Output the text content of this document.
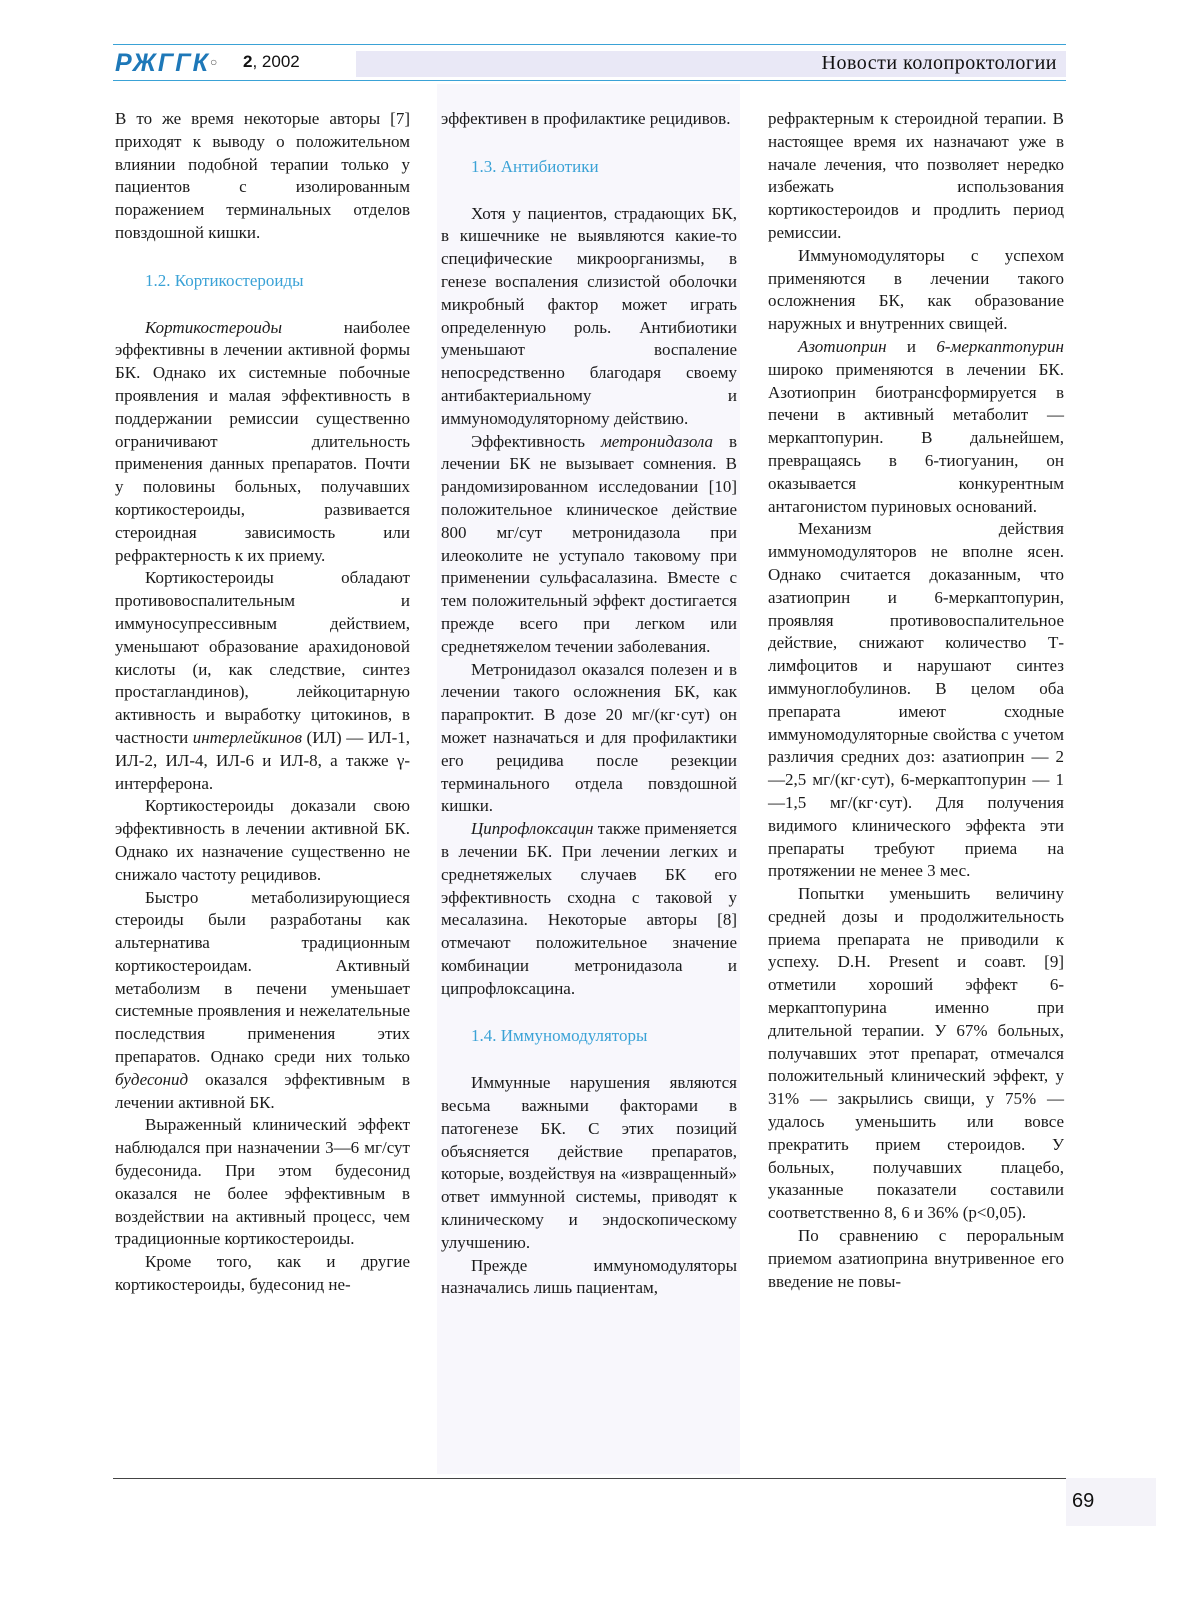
РЖГГК ○ 2, 2002	Новости колопроктологии

В то же время некоторые авторы [7] приходят к выводу о положительном влиянии подобной терапии только у пациентов с изолированным поражением терминальных отделов повздошной кишки.

1.2. Кортикостероиды

Кортикостероиды наиболее эффективны в лечении активной формы БК. Однако их системные побочные проявления и малая эффективность в поддержании ремиссии существенно ограничивают длительность применения данных препаратов. Почти у половины больных, получавших кортикостероиды, развивается стероидная зависимость или рефрактерность к их приему.

Кортикостероиды обладают противовоспалительным и иммуносупрессивным действием, уменьшают образование арахидоновой кислоты (и, как следствие, синтез простагландинов), лейкоцитарную активность и выработку цитокинов, в частности интерлейкинов (ИЛ) — ИЛ-1, ИЛ-2, ИЛ-4, ИЛ-6 и ИЛ-8, а также γ-интерферона.

Кортикостероиды доказали свою эффективность в лечении активной БК. Однако их назначение существенно не снижало частоту рецидивов.

Быстро метаболизирующиеся стероиды были разработаны как альтернатива традиционным кортикостероидам. Активный метаболизм в печени уменьшает системные проявления и нежелательные последствия применения этих препаратов. Однако среди них только будесонид оказался эффективным в лечении активной БК.

Выраженный клинический эффект наблюдался при назначении 3—6 мг/сут будесонида. При этом будесонид оказался не более эффективным в воздействии на активный процесс, чем традиционные кортикостероиды.

Кроме того, как и другие кортикостероиды, будесонид не-

эффективен в профилактике рецидивов.

1.3. Антибиотики

Хотя у пациентов, страдающих БК, в кишечнике не выявляются какие-то специфические микроорганизмы, в генезе воспаления слизистой оболочки микробный фактор может играть определенную роль. Антибиотики уменьшают воспаление непосредственно благодаря своему антибактериальному и иммуномодуляторному действию.

Эффективность метронидазола в лечении БК не вызывает сомнения. В рандомизированном исследовании [10] положительное клиническое действие 800 мг/сут метронидазола при илеоколите не уступало таковому при применении сульфасалазина. Вместе с тем положительный эффект достигается прежде всего при легком или среднетяжелом течении заболевания.

Метронидазол оказался полезен и в лечении такого осложнения БК, как парапроктит. В дозе 20 мг/(кг·сут) он может назначаться и для профилактики его рецидива после резекции терминального отдела повздошной кишки.

Ципрофлоксацин также применяется в лечении БК. При лечении легких и среднетяжелых случаев БК его эффективность сходна с таковой у месалазина. Некоторые авторы [8] отмечают положительное значение комбинации метронидазола и ципрофлоксацина.

1.4. Иммуномодуляторы

Иммунные нарушения являются весьма важными факторами в патогенезе БК. С этих позиций объясняется действие препаратов, которые, воздействуя на «извращенный» ответ иммунной системы, приводят к клиническому и эндоскопическому улучшению.

Прежде иммуномодуляторы назначались лишь пациентам,

рефрактерным к стероидной терапии. В настоящее время их назначают уже в начале лечения, что позволяет нередко избежать использования кортикостероидов и продлить период ремиссии.

Иммуномодуляторы с успехом применяются в лечении такого осложнения БК, как образование наружных и внутренних свищей.

Азотиоприн и 6-меркаптопурин широко применяются в лечении БК. Азотиоприн биотрансформируется в печени в активный метаболит — меркаптопурин. В дальнейшем, превращаясь в 6-тиогуанин, он оказывается конкурентным антагонистом пуриновых оснований.

Механизм действия иммуномодуляторов не вполне ясен. Однако считается доказанным, что азатиоприн и 6-меркаптопурин, проявляя противовоспалительное действие, снижают количество Т-лимфоцитов и нарушают синтез иммуноглобулинов. В целом оба препарата имеют сходные иммуномодуляторные свойства с учетом различия средних доз: азатиоприн — 2—2,5 мг/(кг·сут), 6-меркаптопурин — 1—1,5 мг/(кг·сут). Для получения видимого клинического эффекта эти препараты требуют приема на протяжении не менее 3 мес.

Попытки уменьшить величину средней дозы и продолжительность приема препарата не приводили к успеху. D.H. Present и соавт. [9] отметили хороший эффект 6-меркаптопурина именно при длительной терапии. У 67% больных, получавших этот препарат, отмечался положительный клинический эффект, у 31% — закрылись свищи, у 75% — удалось уменьшить или вовсе прекратить прием стероидов. У больных, получавших плацебо, указанные показатели составили соответственно 8, 6 и 36% (р<0,05).

По сравнению с пероральным приемом азатиоприна внутривенное его введение не повы-

69
